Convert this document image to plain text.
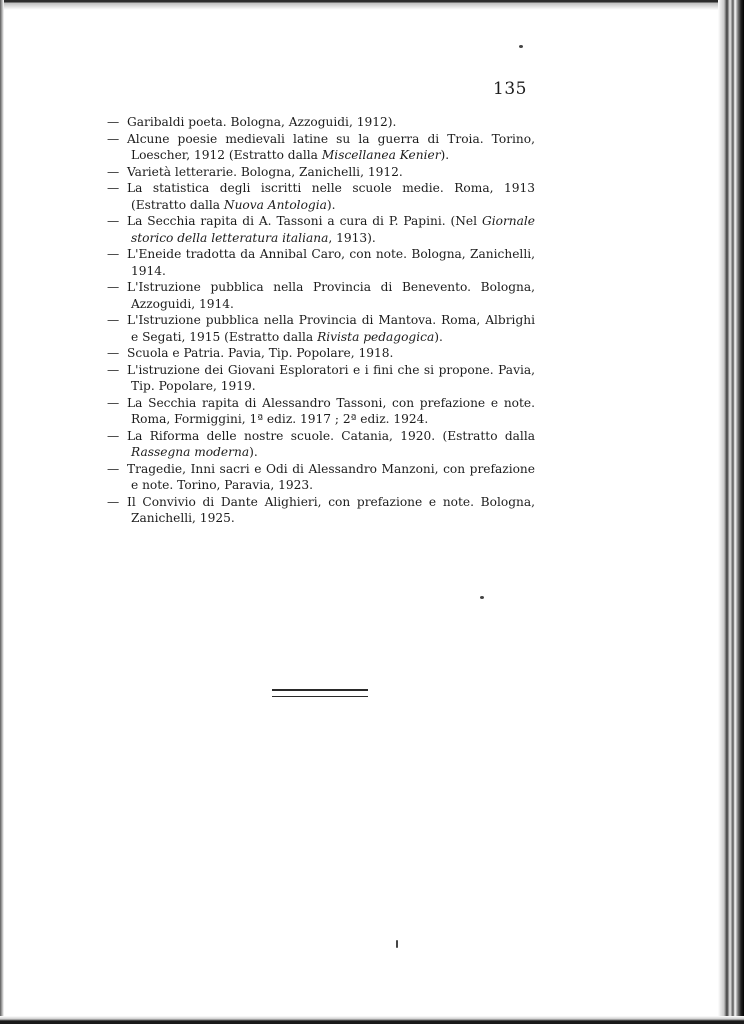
135
— Garibaldi poeta. Bologna, Azzoguidi, 1912).
— Alcune poesie medievali latine su la guerra di Troia. Torino, Loescher, 1912 (Estratto dalla Miscellanea Kenier).
— Varietà letterarie. Bologna, Zanichelli, 1912.
— La statistica degli iscritti nelle scuole medie. Roma, 1913 (Estratto dalla Nuova Antologia).
— La Secchia rapita di A. Tassoni a cura di P. Papini. (Nel Giornale storico della letteratura italiana, 1913).
— L'Eneide tradotta da Annibal Caro, con note. Bologna, Zanichelli, 1914.
— L'Istruzione pubblica nella Provincia di Benevento. Bologna, Azzoguidi, 1914.
— L'Istruzione pubblica nella Provincia di Mantova. Roma, Albrighi e Segati, 1915 (Estratto dalla Rivista pedagogica).
— Scuola e Patria. Pavia, Tip. Popolare, 1918.
— L'istruzione dei Giovani Esploratori e i fini che si propone. Pavia, Tip. Popolare, 1919.
— La Secchia rapita di Alessandro Tassoni, con prefazione e note. Roma, Formiggini, 1ª ediz. 1917 ; 2ª ediz. 1924.
— La Riforma delle nostre scuole. Catania, 1920. (Estratto dalla Rassegna moderna).
— Tragedie, Inni sacri e Odi di Alessandro Manzoni, con prefazione e note. Torino, Paravia, 1923.
— Il Convivio di Dante Alighieri, con prefazione e note. Bologna, Zanichelli, 1925.
